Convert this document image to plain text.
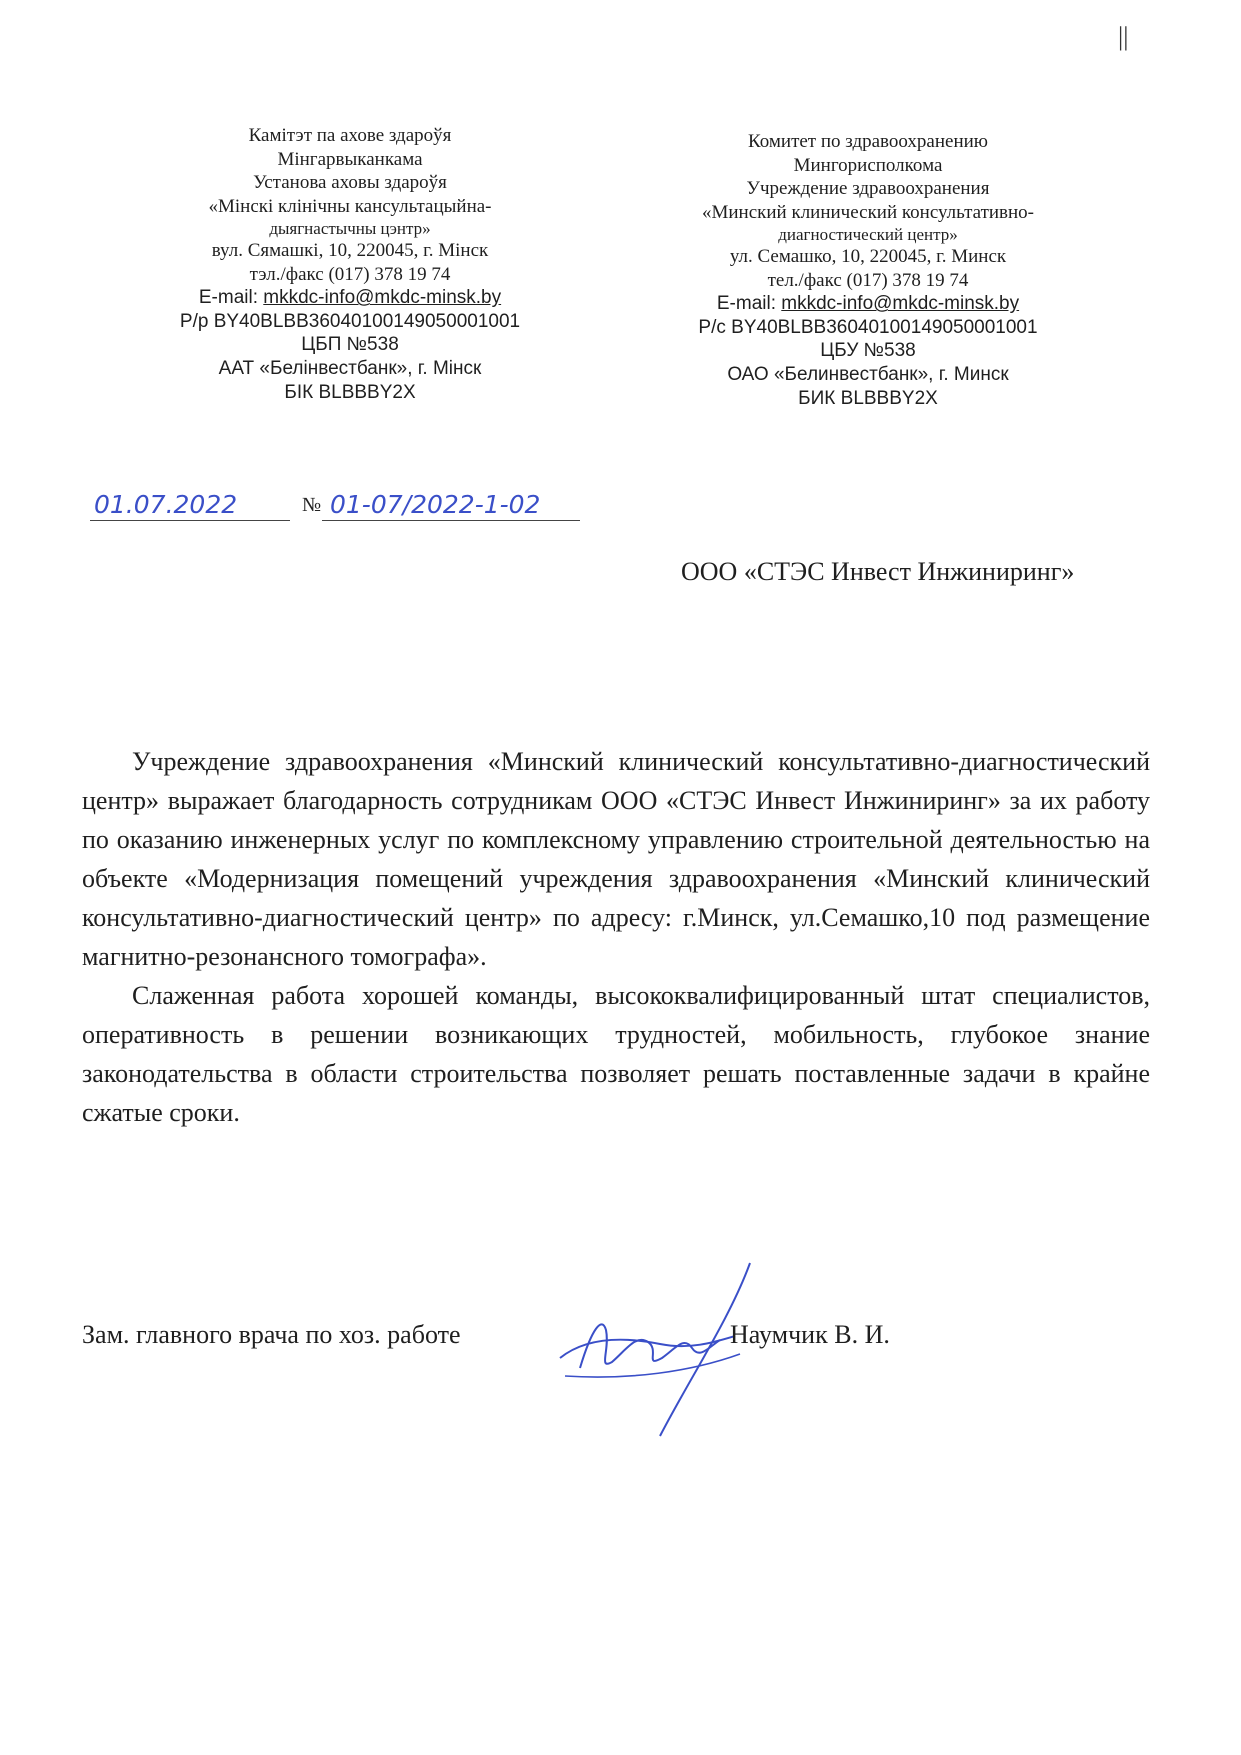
||
Камітэт па ахове здароўя
Мінгарвыканкама
Установа аховы здароўя
«Мінскі клінічны кансультацыйна-
дыягнастычны цэнтр»
вул. Сямашкі, 10, 220045, г. Мінск
тэл./факс (017) 378 19 74
E-mail: mkkdc-info@mkdc-minsk.by
Р/р BY40BLBB36040100149050001001
ЦБП №538
ААТ «Белінвестбанк», г. Мінск
БІК BLBBBY2X
Комитет по здравоохранению
Мингорисполкома
Учреждение здравоохранения
«Минский клинический консультативно-
диагностический центр»
ул. Семашко, 10, 220045, г. Минск
тел./факс (017) 378 19 74
E-mail: mkkdc-info@mkdc-minsk.by
Р/с BY40BLBB36040100149050001001
ЦБУ №538
ОАО «Белинвестбанк», г. Минск
БИК BLBBBY2X
01.07.2022	№ 01-07/2022-1-02
ООО «СТЭС Инвест Инжиниринг»

Учреждение здравоохранения «Минский клинический консультативно-диагностический центр» выражает благодарность сотрудникам ООО «СТЭС Инвест Инжиниринг» за их работу по оказанию инженерных услуг по комплексному управлению строительной деятельностью на объекте «Модернизация помещений учреждения здравоохранения «Минский клинический консультативно-диагностический центр» по адресу: г.Минск, ул.Семашко,10 под размещение магнитно-резонансного томографа».

Слаженная работа хорошей команды, высококвалифицированный штат специалистов, оперативность в решении возникающих трудностей, мобильность, глубокое знание законодательства в области строительства позволяет решать поставленные задачи в крайне сжатые сроки.

Зам. главного врача по хоз. работе	Наумчик В. И.
